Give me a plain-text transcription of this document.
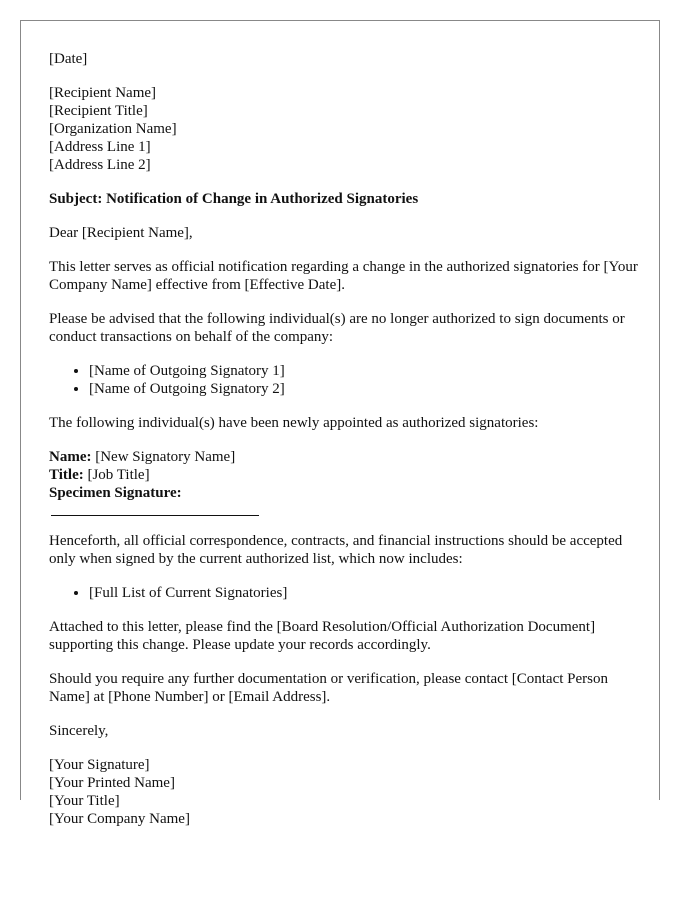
[Date]

[Recipient Name]
[Recipient Title]
[Organization Name]
[Address Line 1]
[Address Line 2]

Subject: Notification of Change in Authorized Signatories

Dear [Recipient Name],

This letter serves as official notification regarding a change in the authorized signatories for [Your Company Name] effective from [Effective Date].

Please be advised that the following individual(s) are no longer authorized to sign documents or conduct transactions on behalf of the company:

• [Name of Outgoing Signatory 1]
• [Name of Outgoing Signatory 2]

The following individual(s) have been newly appointed as authorized signatories:

Name: [New Signatory Name]
Title: [Job Title]
Specimen Signature:

Henceforth, all official correspondence, contracts, and financial instructions should be accepted only when signed by the current authorized list, which now includes:

• [Full List of Current Signatories]

Attached to this letter, please find the [Board Resolution/Official Authorization Document] supporting this change. Please update your records accordingly.

Should you require any further documentation or verification, please contact [Contact Person Name] at [Phone Number] or [Email Address].

Sincerely,

[Your Signature]
[Your Printed Name]
[Your Title]
[Your Company Name]
